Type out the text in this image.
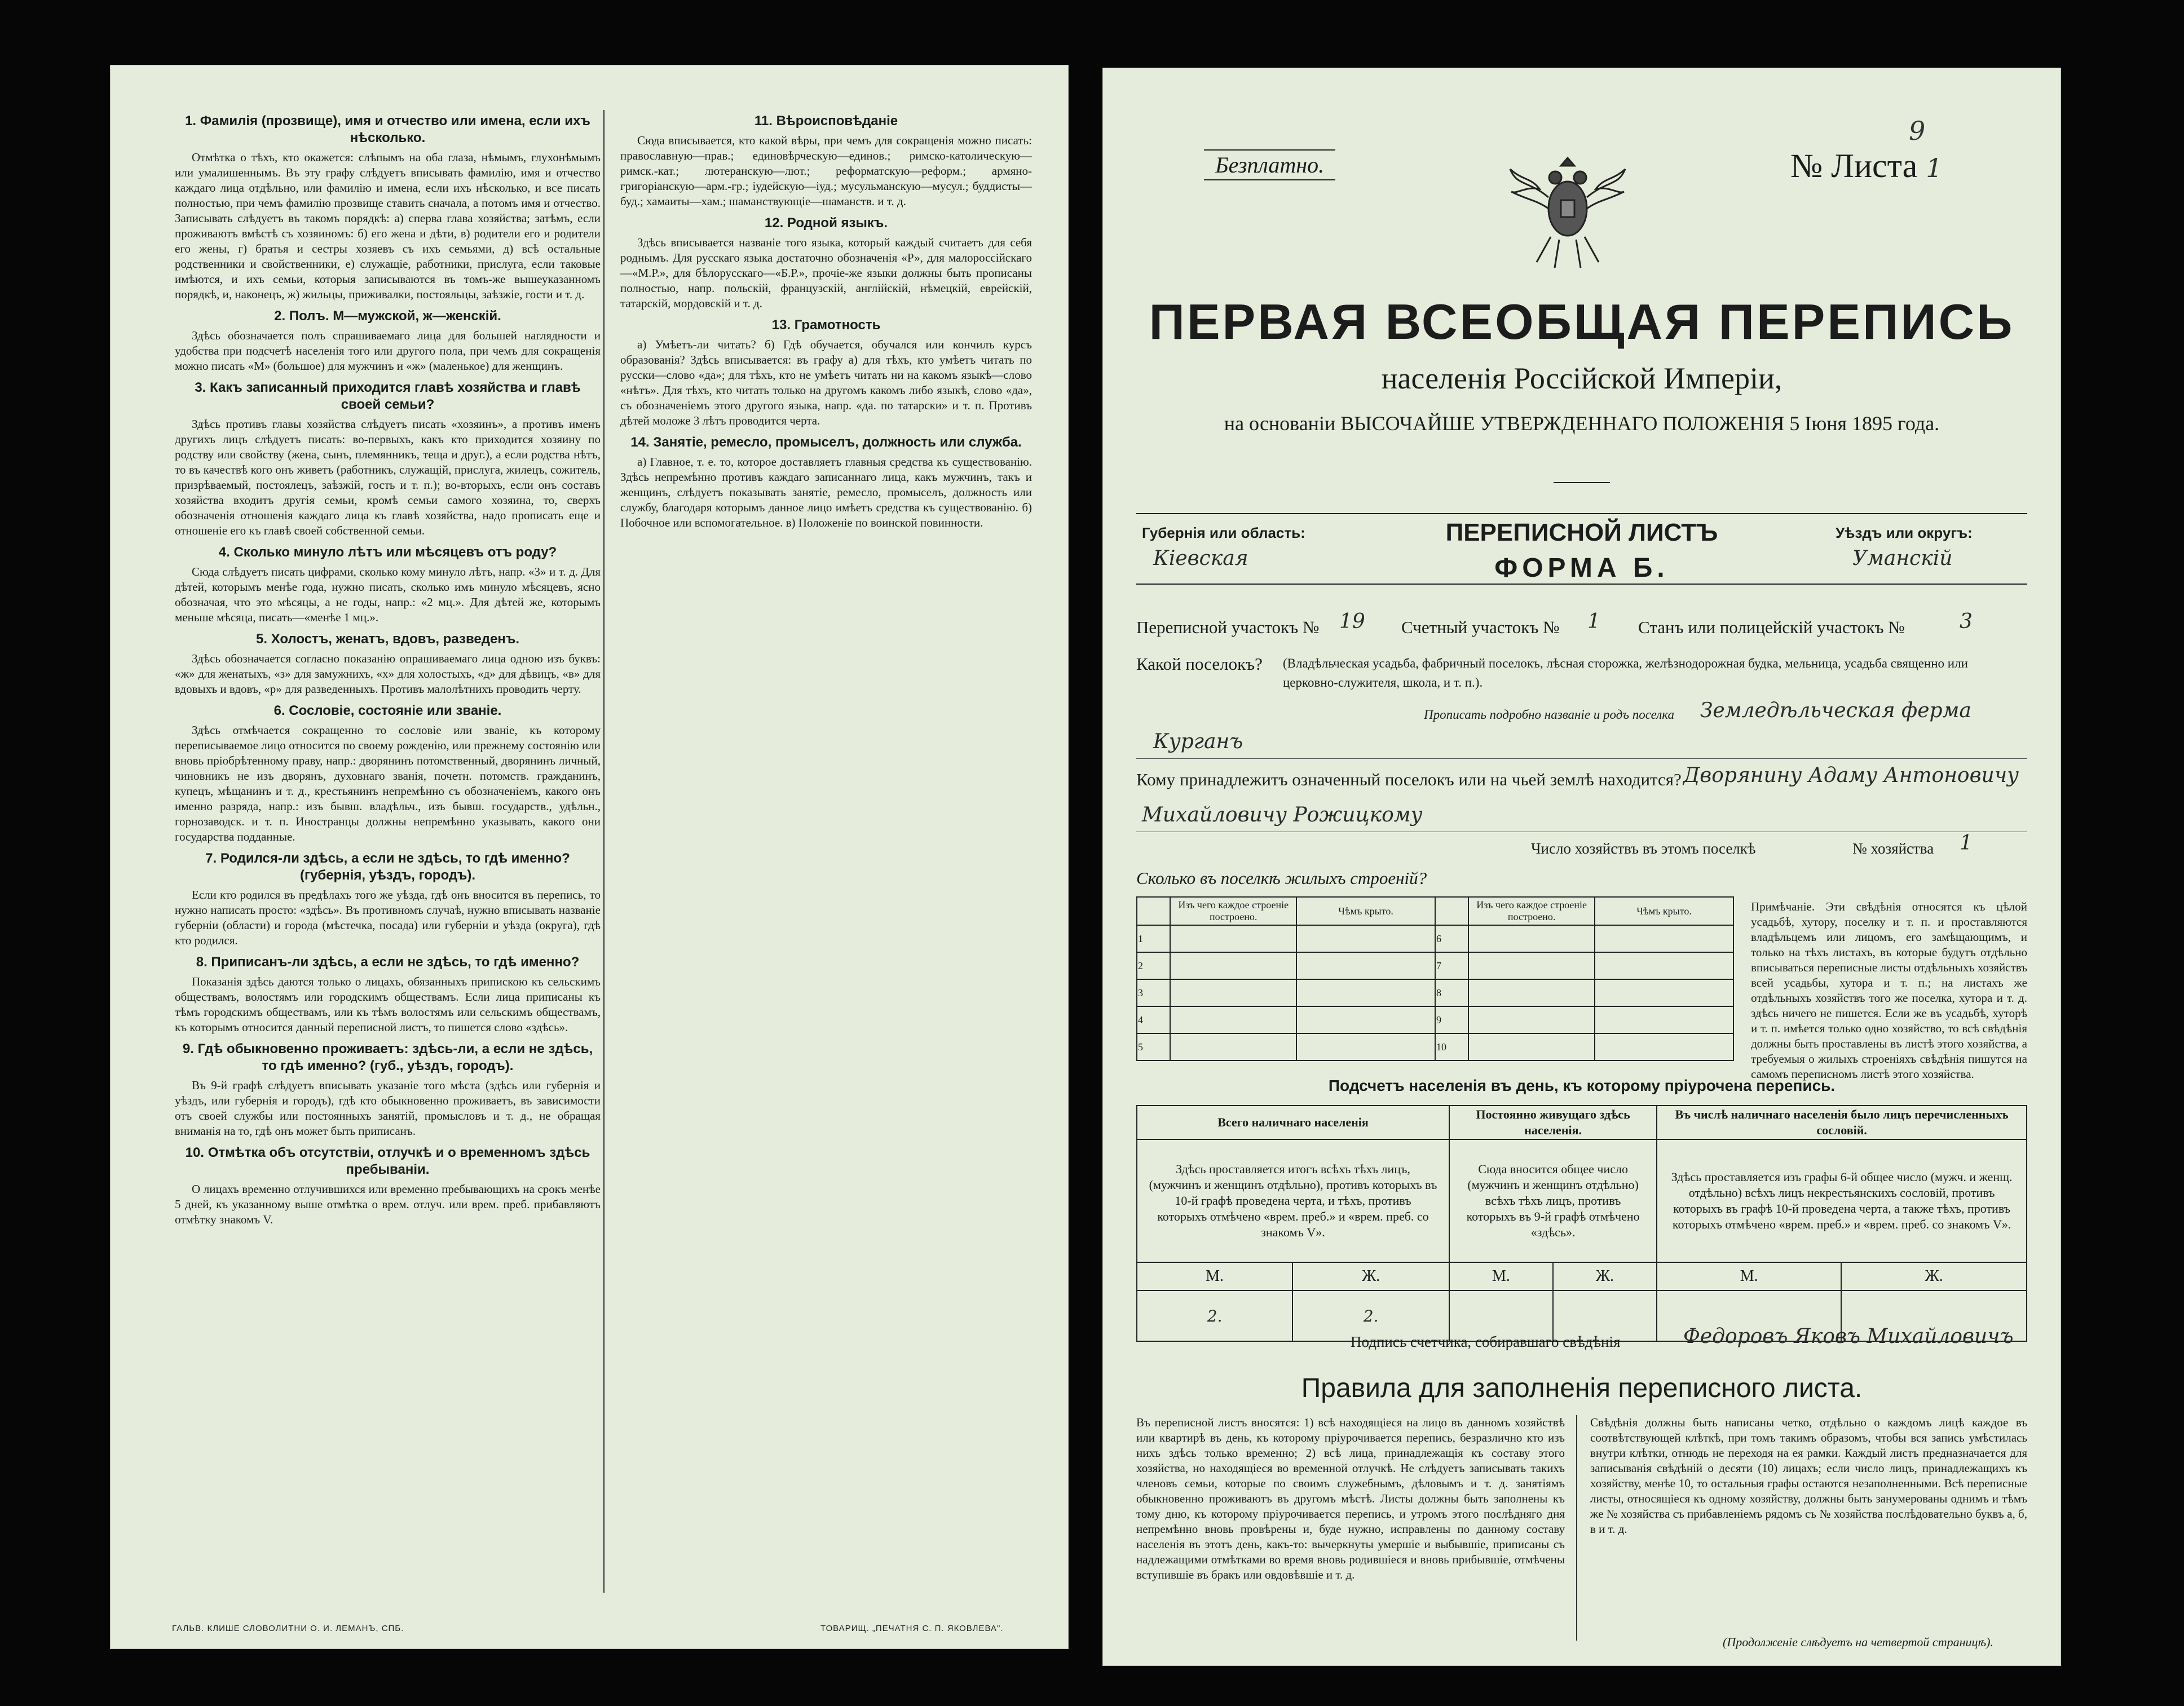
1. Фамилія (прозвище), имя и отчество или имена, если ихъ нѣсколько.
Отмѣтка о тѣхъ, кто окажется: слѣпымъ на оба глаза, нѣмымъ, глухонѣмымъ или умалишеннымъ. Въ эту графу слѣдуетъ вписывать фамилію, имя и отчество каждаго лица отдѣльно, или фамилію и имена, если ихъ нѣсколько, и все писать полностью, при чемъ фамилію прозвище ставить сначала, а потомъ имя и отчество. Записывать слѣдуетъ въ такомъ порядкѣ: а) сперва глава хозяйства; затѣмъ, если проживаютъ вмѣстѣ съ хозяиномъ: б) его жена и дѣти, в) родители его и родители его жены, г) братья и сестры хозяевъ съ ихъ семьями, д) всѣ остальные родственники и свойственники, е) служащіе, работники, прислуга, если таковые имѣются, и ихъ семьи, которыя записываются въ томъ-же вышеуказанномъ порядкѣ, и, наконецъ, ж) жильцы, приживалки, постояльцы, заѣзжіе, гости и т. д.
2. Полъ. М—мужской, ж—женскій.
Здѣсь обозначается полъ спрашиваемаго лица для большей наглядности и удобства при подсчетѣ населенія того или другого пола, при чемъ для сокращенія можно писать «М» (большое) для мужчинъ и «ж» (маленькое) для женщинъ.
3. Какъ записанный приходится главѣ хозяйства и главѣ своей семьи?
Здѣсь противъ главы хозяйства слѣдуетъ писать «хозяинъ», а противъ именъ другихъ лицъ слѣдуетъ писать: во-первыхъ, какъ кто приходится хозяину по родству или свойству (жена, сынъ, племянникъ, теща и друг.), а если родства нѣтъ, то въ качествѣ кого онъ живетъ (работникъ, служащій, прислуга, жилецъ, сожитель, призрѣваемый, постоялецъ, заѣзжій, гость и т. п.); во-вторыхъ, если онъ составъ хозяйства входитъ другія семьи, кромѣ семьи самого хозяина, то, сверхъ обозначенія отношенія каждаго лица къ главѣ хозяйства, надо прописать еще и отношеніе его къ главѣ своей собственной семьи.
4. Сколько минуло лѣтъ или мѣсяцевъ отъ роду?
Сюда слѣдуетъ писать цифрами, сколько кому минуло лѣтъ, напр. «3» и т. д. Для дѣтей, которымъ менѣе года, нужно писать, сколько имъ минуло мѣсяцевъ, ясно обозначая, что это мѣсяцы, а не годы, напр.: «2 мц.». Для дѣтей же, которымъ меньше мѣсяца, писать—«менѣе 1 мц.».
5. Холостъ, женатъ, вдовъ, разведенъ.
Здѣсь обозначается согласно показанію опрашиваемаго лица одною изъ буквъ: «ж» для женатыхъ, «з» для замужнихъ, «х» для холостыхъ, «д» для дѣвицъ, «в» для вдовыхъ и вдовъ, «р» для разведенныхъ. Противъ малолѣтнихъ проводить черту.
6. Сословіе, состояніе или званіе.
Здѣсь отмѣчается сокращенно то сословіе или званіе, къ которому переписываемое лицо относится по своему рожденію, или прежнему состоянію или вновь пріобрѣтенному праву, напр.: дворянинъ потомственный, дворянинъ личный, чиновникъ не изъ дворянъ, духовнаго званія, почетн. потомств. гражданинъ, купецъ, мѣщанинъ и т. д., крестьянинъ непремѣнно съ обозначеніемъ, какого онъ именно разряда, напр.: изъ бывш. владѣльч., изъ бывш. государств., удѣльн., горнозаводск. и т. п. Иностранцы должны непремѣнно указывать, какого они государства подданные.
7. Родился-ли здѣсь, а если не здѣсь, то гдѣ именно? (губернія, уѣздъ, городъ).
Если кто родился въ предѣлахъ того же уѣзда, гдѣ онъ вносится въ перепись, то нужно написать просто: «здѣсь». Въ противномъ случаѣ, нужно вписывать названіе губерніи (области) и города (мѣстечка, посада) или губерніи и уѣзда (округа), гдѣ кто родился.
8. Приписанъ-ли здѣсь, а если не здѣсь, то гдѣ именно?
Показанія здѣсь даются только о лицахъ, обязанныхъ припискою къ сельскимъ обществамъ, волостямъ или городскимъ обществамъ. Если лица приписаны къ тѣмъ городскимъ обществамъ, или къ тѣмъ волостямъ или сельскимъ обществамъ, къ которымъ относится данный переписной листъ, то пишется слово «здѣсь».
9. Гдѣ обыкновенно проживаетъ: здѣсь-ли, а если не здѣсь, то гдѣ именно? (губ., уѣздъ, городъ).
Въ 9-й графѣ слѣдуетъ вписывать указаніе того мѣста (здѣсь или губернія и уѣздъ, или губернія и городъ), гдѣ кто обыкновенно проживаетъ, въ зависимости отъ своей службы или постоянныхъ занятій, промысловъ и т. д., не обращая вниманія на то, гдѣ онъ может быть приписанъ.
10. Отмѣтка объ отсутствіи, отлучкѣ и о временномъ здѣсь пребываніи.
О лицахъ временно отлучившихся или временно пребывающихъ на срокъ менѣе 5 дней, къ указанному выше отмѣтка о врем. отлуч. или врем. преб. прибавляютъ отмѣтку знакомъ V.
11. Вѣроисповѣданіе
Сюда вписывается, кто какой вѣры, при чемъ для сокращенія можно писать: православную—прав.; единовѣрческую—единов.; римско-католическую—римск.-кат.; лютеранскую—лют.; реформатскую—реформ.; армяно-григоріанскую—арм.-гр.; іудейскую—іуд.; мусульманскую—мусул.; буддисты—буд.; хамаиты—хам.; шаманствующіе—шаманств. и т. д.
12. Родной языкъ.
Здѣсь вписывается названіе того языка, который каждый считаетъ для себя роднымъ. Для русскаго языка достаточно обозначенія «Р», для малороссійскаго—«М.Р.», для бѣлорусскаго—«Б.Р.», прочіе-же языки должны быть прописаны полностью, напр. польскій, французскій, англійскій, нѣмецкій, еврейскій, татарскій, мордовскій и т. д.
13. Грамотность
а) Умѣетъ-ли читать? б) Гдѣ обучается, обучался или кончилъ курсъ образованія? Здѣсь вписывается: въ графу а) для тѣхъ, кто умѣетъ читать по русски—слово «да»; для тѣхъ, кто не умѣетъ читать ни на какомъ языкѣ—слово «нѣтъ». Для тѣхъ, кто читать только на другомъ какомъ либо языкѣ, слово «да», съ обозначеніемъ этого другого языка, напр. «да. по татарски» и т. п. Противъ дѣтей моложе 3 лѣтъ проводится черта.
14. Занятіе, ремесло, промыселъ, должность или служба.
а) Главное, т. е. то, которое доставляетъ главныя средства къ существованію. Здѣсь непремѣнно противъ каждаго записаннаго лица, какъ мужчинъ, такъ и женщинъ, слѣдуетъ показывать занятіе, ремесло, промыселъ, должность или службу, благодаря которымъ данное лицо имѣетъ средства къ существованію. б) Побочное или вспомогательное. в) Положеніе по воинской повинности.
ГАЛЬВ. КЛИШЕ СЛОВОЛИТНИ О. И. ЛЕМАНЪ, СПБ.	ТОВАРИЩ. „ПЕЧАТНЯ С. П. ЯКОВЛЕВА".
Безплатно.	№ Листа 1
9
ПЕРВАЯ ВСЕОБЩАЯ ПЕРЕПИСЬ
населенія Россійской Имперіи,
на основаніи ВЫСОЧАЙШЕ УТВЕРЖДЕННАГО ПОЛОЖЕНІЯ 5 Іюня 1895 года.
Губернія или область:
Кіевская
ПЕРЕПИСНОЙ ЛИСТЪ
ФОРМА Б.
Уѣздъ или округъ:
Уманскій
Переписной участокъ № 19 Счетный участокъ № 1 Станъ или полицейскій участокъ №	3
Какой поселокъ? (Владѣльческая усадьба, фабричный поселокъ, лѣсная сторожка, желѣзнодорожная будка, мельница, усадьба священно или церковно-служителя, школа, и т. п.).
Прописать подробно названіе и родъ поселка Земледѣльческая ферма
Курганъ
Кому принадлежитъ означенный поселокъ или на чьей землѣ находится? Дворянину Адаму Антоновичу
Михайловичу Рожицкому
Число хозяйствъ въ этомъ поселкѣ	№ хозяйства 1
Сколько въ поселкѣ жилыхъ строеній?
	Изъ чего каждое строеніе построено.	Чѣмъ крыто.		Изъ чего каждое строеніе построено.	Чѣмъ крыто.
1			6		
2			7		
3			8		
4			9		
5			10		
Примѣчаніе. Эти свѣдѣнія относятся къ цѣлой усадьбѣ, хутору, поселку и т. п. и проставляются владѣльцемъ или лицомъ, его замѣщающимъ, и только на тѣхъ листахъ, въ которые будутъ отдѣльно вписываться переписные листы отдѣльныхъ хозяйствъ всей усадьбы, хутора и т. п.; на листахъ же отдѣльныхъ хозяйствъ того же поселка, хутора и т. д. здѣсь ничего не пишется. Если же въ усадьбѣ, хуторѣ и т. п. имѣется только одно хозяйство, то всѣ свѣдѣнія должны быть проставлены въ листѣ этого хозяйства, а требуемыя о жилыхъ строеніяхъ свѣдѣнія пишутся на самомъ переписномъ листѣ этого хозяйства.
Подсчетъ населенія въ день, къ которому пріурочена перепись.
Всего наличнаго населенія		Постоянно живущаго здѣсь населенія.		Въ числѣ наличнаго населенія было лицъ перечисленныхъ сословій.	
Здѣсь проставляется итогъ всѣхъ тѣхъ лицъ, (мужчинъ и женщинъ отдѣльно), противъ которыхъ въ 10-й графѣ проведена черта, и тѣхъ, противъ которыхъ отмѣчено «врем. преб.» и «врем. преб. со знакомъ V».		Сюда вносится общее число (мужчинъ и женщинъ отдѣльно) всѣхъ тѣхъ лицъ, противъ которыхъ въ 9-й графѣ отмѣчено «здѣсь».		Здѣсь проставляется изъ графы 6-й общее число (мужч. и женщ. отдѣльно) всѣхъ лицъ некрестьянскихъ сословій, противъ которыхъ въ графѣ 10-й проведена черта, а также тѣхъ, противъ которыхъ отмѣчено «врем. преб.» и «врем. преб. со знакомъ V».	
М.	Ж.	М.	Ж.	М.	Ж.
2.	2.				
Подпись счетчика, собиравшаго свѣдѣнія	Федоровъ Яковъ Михайловичъ
Правила для заполненія переписного листа.
Въ переписной листъ вносятся: 1) всѣ находящіеся на лицо въ данномъ хозяйствѣ или квартирѣ въ день, къ которому пріурочивается перепись, безразлично кто изъ нихъ здѣсь только временно; 2) всѣ лица, принадлежащія къ составу этого хозяйства, но находящіеся во временной отлучкѣ. Не слѣдуетъ записывать такихъ членовъ семьи, которые по своимъ служебнымъ, дѣловымъ и т. д. занятіямъ обыкновенно проживаютъ въ другомъ мѣстѣ. Листы должны быть заполнены къ тому дню, къ которому пріурочивается перепись, и утромъ этого послѣдняго дня непремѣнно вновь провѣрены и, буде нужно, исправлены по данному составу населенія въ этотъ день, какъ-то: вычеркнуты умершіе и выбывшіе, приписаны съ надлежащими отмѣтками во время вновь родившіеся и вновь прибывшіе, отмѣчены вступившіе въ бракъ или овдовѣвшіе и т. д.
Свѣдѣнія должны быть написаны четко, отдѣльно о каждомъ лицѣ каждое въ соотвѣтствующей клѣткѣ, при томъ такимъ образомъ, чтобы вся запись умѣстилась внутри клѣтки, отнюдь не переходя на ея рамки. Каждый листъ предназначается для записыванія свѣдѣній о десяти (10) лицахъ; если число лицъ, принадлежащихъ къ хозяйству, менѣе 10, то остальныя графы остаются незаполненными. Всѣ переписные листы, относящіеся къ одному хозяйству, должны быть занумерованы однимъ и тѣмъ же № хозяйства съ прибавленіемъ рядомъ съ № хозяйства послѣдовательно буквъ а, б, в и т. д.
(Продолженіе слѣдуетъ на четвертой страницѣ).
